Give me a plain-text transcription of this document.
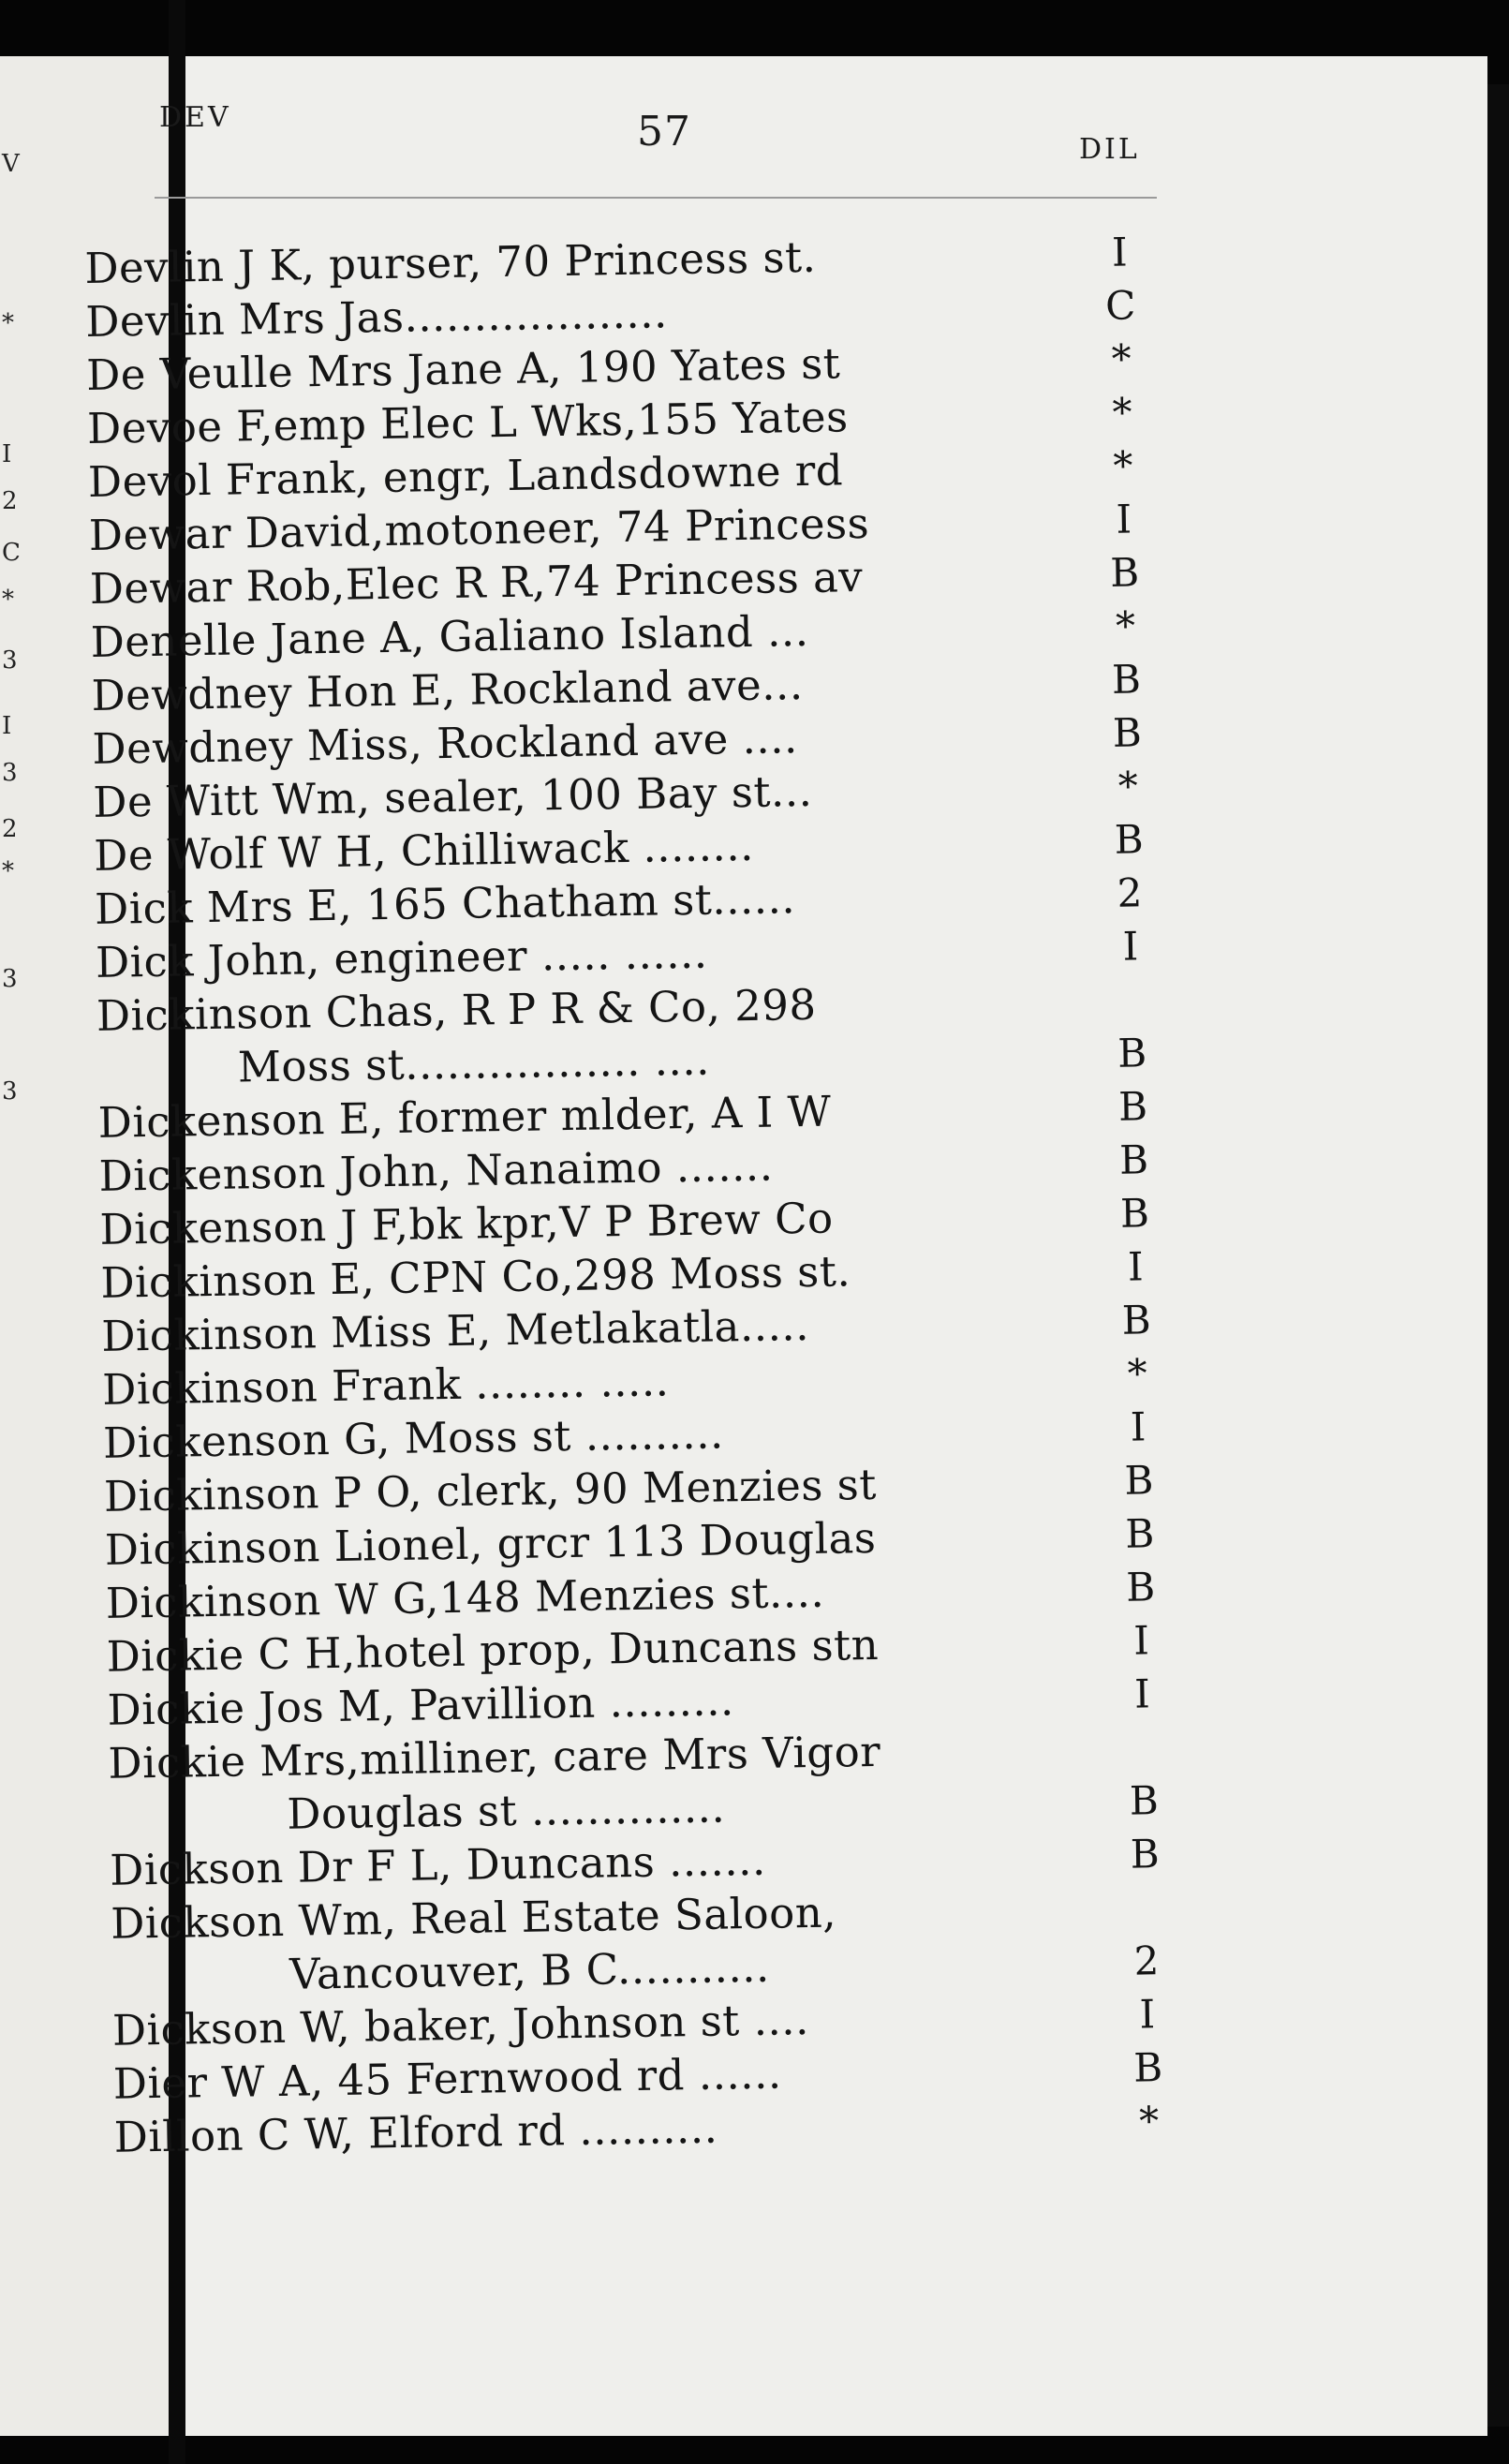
V
*
I
2
C
*
3
I
3
2
*
3
3
DEV	57	DIL
Devlin J K, purser, 70 Princess st.	I
Devlin Mrs Jas...................	C
De Veulle Mrs Jane A, 190 Yates st	*
Devoe F,emp Elec L Wks,155 Yates	*
Devol Frank, engr, Landsdowne rd	*
Dewar David,motoneer, 74 Princess	I
Dewar Rob,Elec R R,74 Princess av	B
Denelle Jane A, Galiano Island ...	*
Dewdney Hon E, Rockland ave...	B
Dewdney Miss, Rockland ave ....	B
De Witt Wm, sealer, 100 Bay st...	*
De Wolf W H, Chilliwack ........	B
Dick Mrs E, 165 Chatham st......	2
Dick John, engineer ..... ......	I
Dickinson Chas, R P R & Co, 298
Moss st................. ....	B
Dickenson E, former mlder, A I W	B
Dickenson John, Nanaimo .......	B
Dickenson J F,bk kpr,V P Brew Co	B
Dickinson E, CPN Co,298 Moss st.	I
Dickinson Miss E, Metlakatla.....	B
Dickinson Frank ........ .....	*
Dickenson G, Moss st ..........	I
Dickinson P O, clerk, 90 Menzies st	B
Dickinson Lionel, grcr 113 Douglas	B
Dickinson W G,148 Menzies st....	B
Dickie C H,hotel prop, Duncans stn	I
Dickie Jos M, Pavillion .........	I
Dickie Mrs,milliner, care Mrs Vigor
Douglas st ..............	B
Dickson Dr F L, Duncans .......	B
Dickson Wm, Real Estate Saloon,
Vancouver, B C...........	2
Dickson W, baker, Johnson st ....	I
Dier W A, 45 Fernwood rd ......	B
Dillon C W, Elford rd ..........	*
